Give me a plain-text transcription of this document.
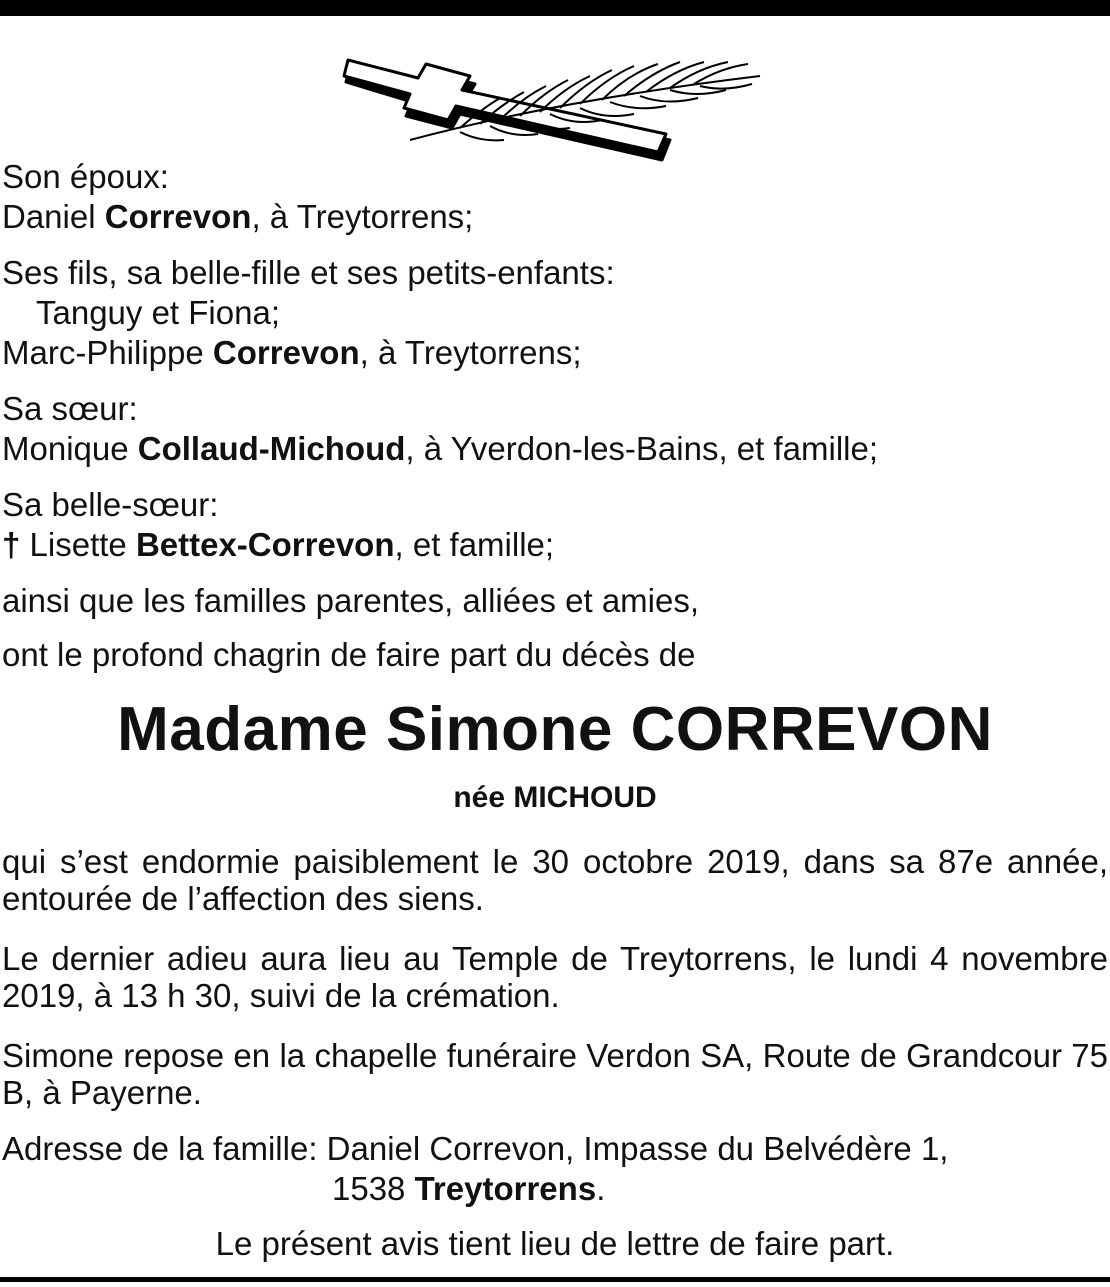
Son époux:
Daniel Correvon, à Treytorrens;
Ses fils, sa belle-fille et ses petits-enfants:
Tanguy et Fiona;
Marc-Philippe Correvon, à Treytorrens;
Sa sœur:
Monique Collaud-Michoud, à Yverdon-les-Bains, et famille;
Sa belle-sœur:
† Lisette Bettex-Correvon, et famille;
ainsi que les familles parentes, alliées et amies,
ont le profond chagrin de faire part du décès de
Madame Simone CORREVON
née MICHOUD
qui s’est endormie paisiblement le 30 octobre 2019, dans sa 87e année, entourée de l’affection des siens.
Le dernier adieu aura lieu au Temple de Treytorrens, le lundi 4 novembre 2019, à 13 h 30, suivi de la crémation.
Simone repose en la chapelle funéraire Verdon SA, Route de Grandcour 75 B, à Payerne.
Adresse de la famille: Daniel Correvon, Impasse du Belvédère 1,
1538 Treytorrens.
Le présent avis tient lieu de lettre de faire part.
